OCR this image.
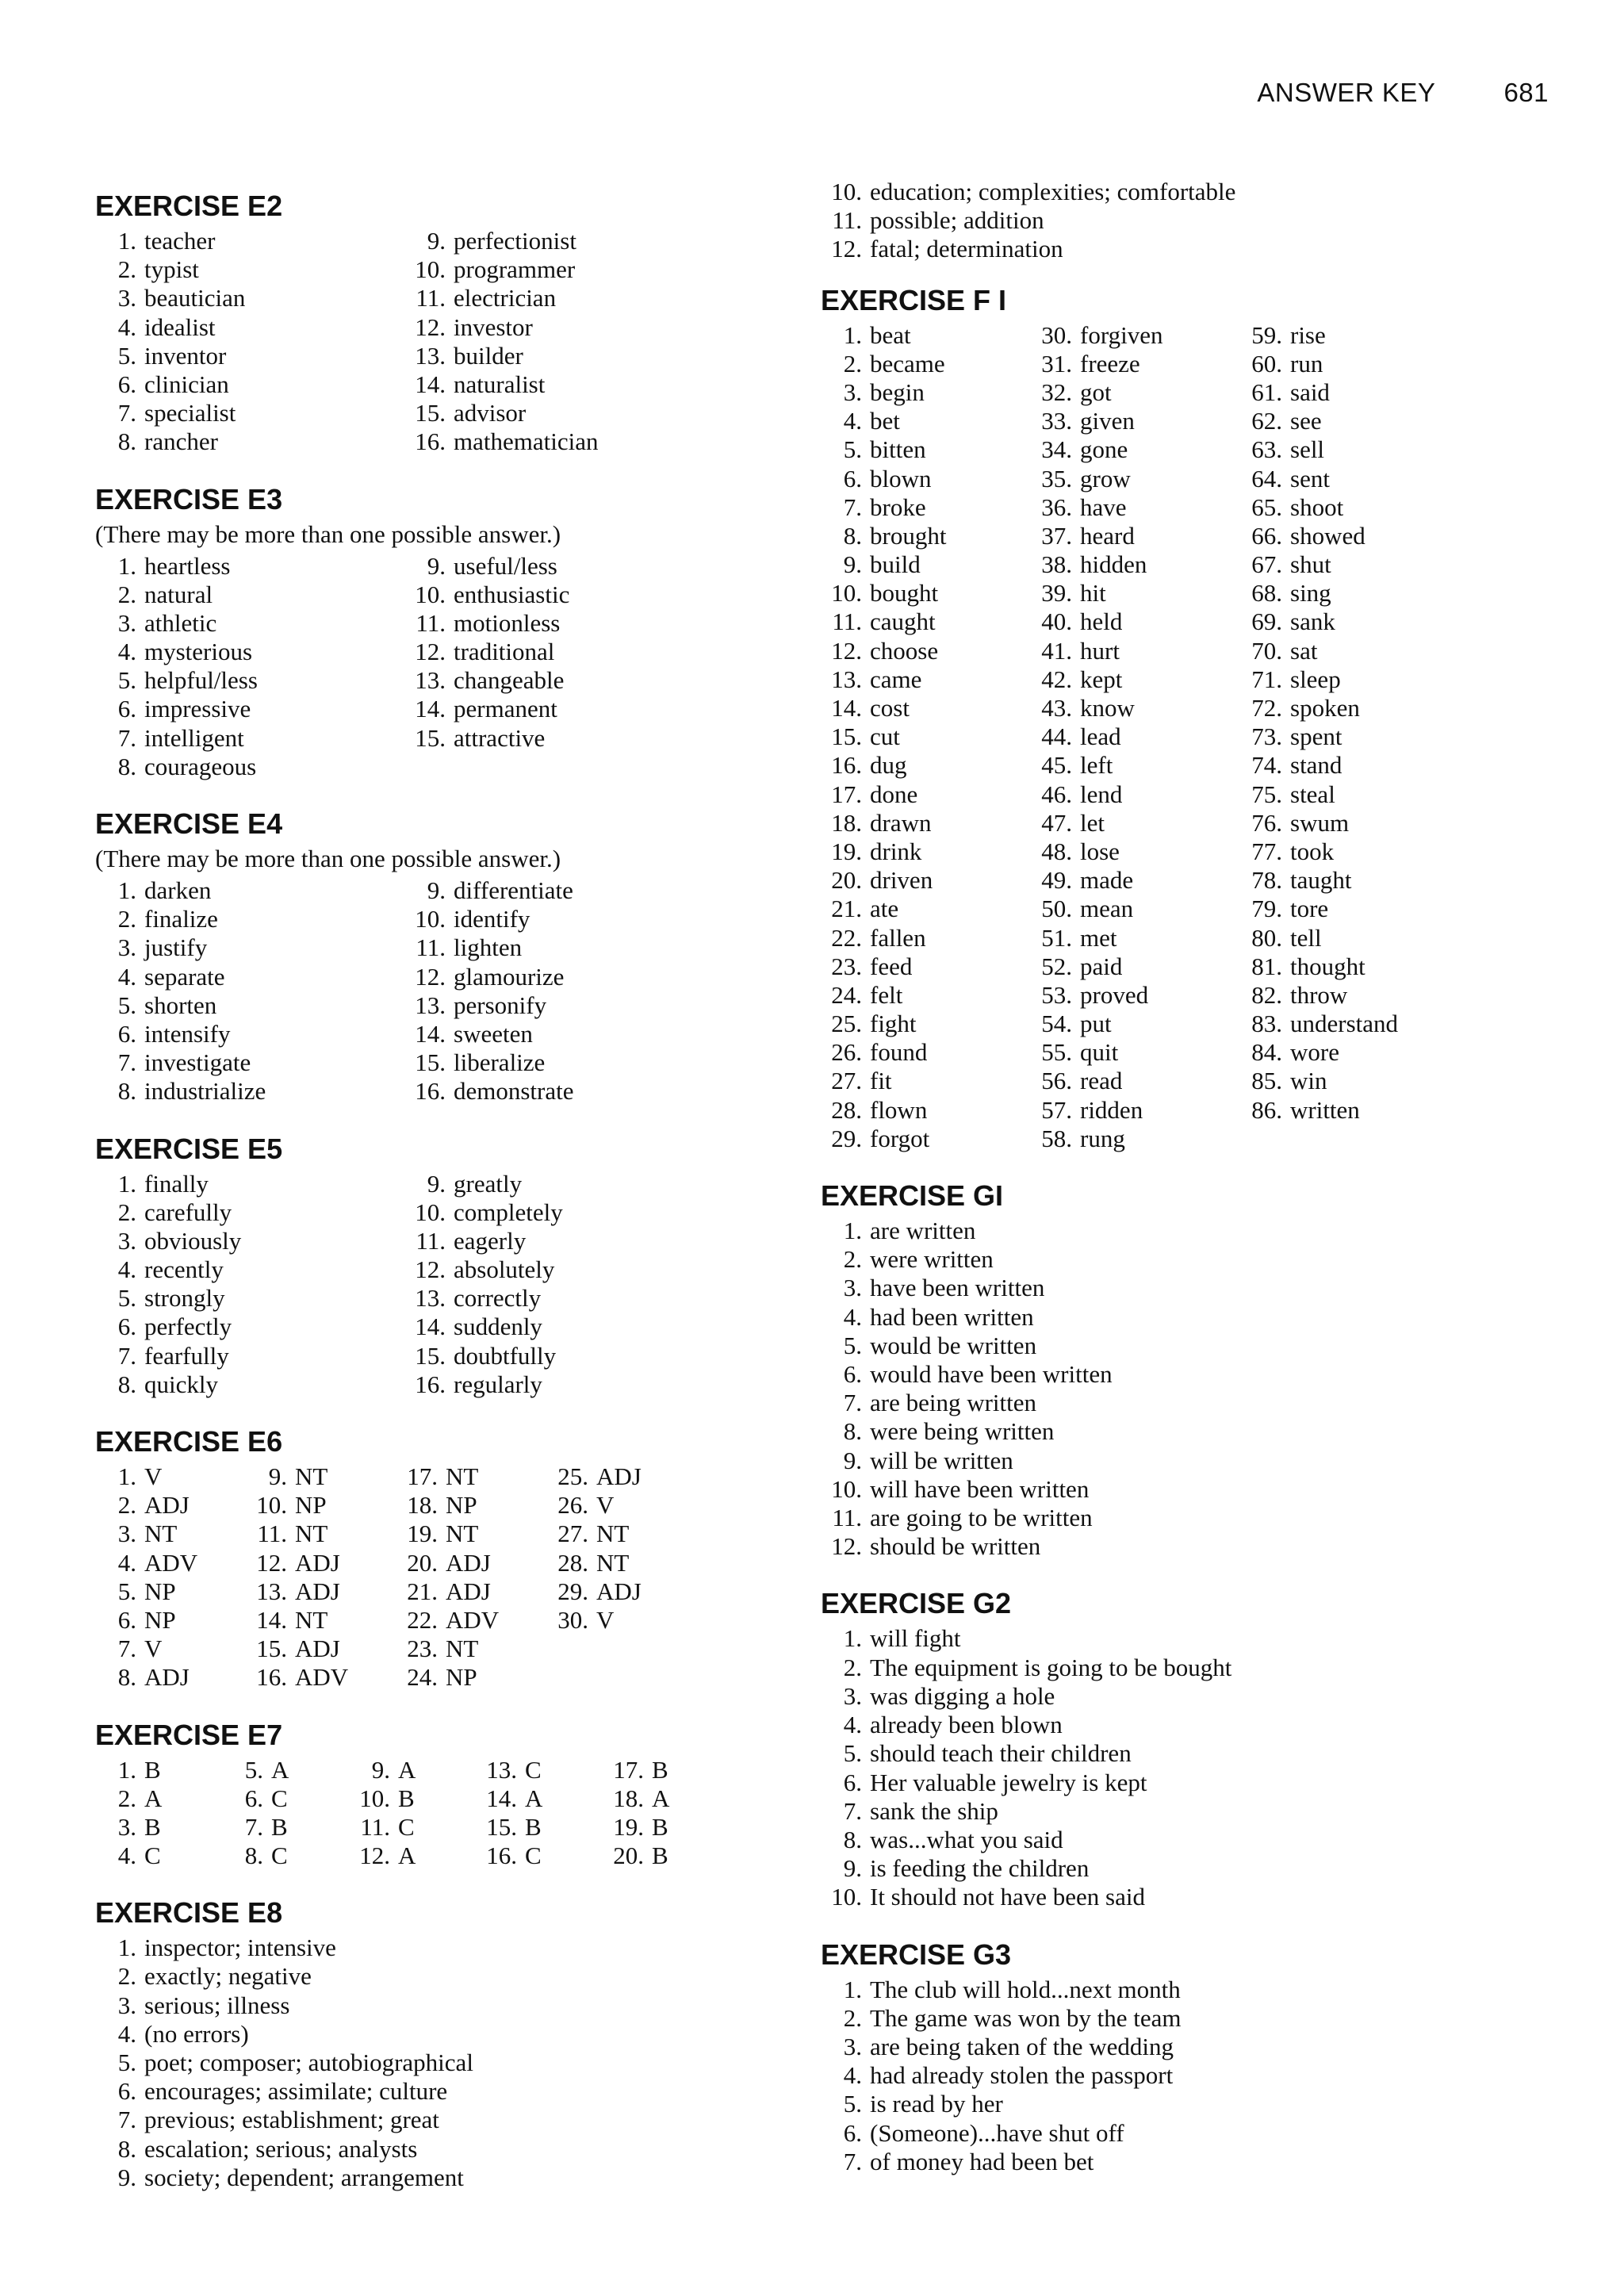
ANSWER KEY	681
EXERCISE E2
1. teacher
2. typist
3. beautician
4. idealist
5. inventor
6. clinician
7. specialist
8. rancher
9. perfectionist
10. programmer
11. electrician
12. investor
13. builder
14. naturalist
15. advisor
16. mathematician
EXERCISE E3

(There may be more than one possible answer.)

1. heartless
2. natural
3. athletic
4. mysterious
5. helpful/less
6. impressive
7. intelligent
8. courageous
9. useful/less
10. enthusiastic
11. motionless
12. traditional
13. changeable
14. permanent
15. attractive
EXERCISE E4

(There may be more than one possible answer.)

1. darken
2. finalize
3. justify
4. separate
5. shorten
6. intensify
7. investigate
8. industrialize
9. differentiate
10. identify
11. lighten
12. glamourize
13. personify
14. sweeten
15. liberalize
16. demonstrate
EXERCISE E5
1. finally
2. carefully
3. obviously
4. recently
5. strongly
6. perfectly
7. fearfully
8. quickly
9. greatly
10. completely
11. eagerly
12. absolutely
13. correctly
14. suddenly
15. doubtfully
16. regularly
EXERCISE E6
1. V
2. ADJ
3. NT
4. ADV
5. NP
6. NP
7. V
8. ADJ
9. NT
10. NP
11. NT
12. ADJ
13. ADJ
14. NT
15. ADJ
16. ADV
17. NT
18. NP
19. NT
20. ADJ
21. ADJ
22. ADV
23. NT
24. NP
25. ADJ
26. V
27. NT
28. NT
29. ADJ
30. V
EXERCISE E7
1. B
2. A
3. B
4. C
5. A
6. C
7. B
8. C
9. A
10. B
11. C
12. A
13. C
14. A
15. B
16. C
17. B
18. A
19. B
20. B
EXERCISE E8
1. inspector; intensive
2. exactly; negative
3. serious; illness
4. (no errors)
5. poet; composer; autobiographical
6. encourages; assimilate; culture
7. previous; establishment; great
8. escalation; serious; analysts
9. society; dependent; arrangement
10. education; complexities; comfortable
11. possible; addition
12. fatal; determination
EXERCISE F I
1. beat
2. became
3. begin
4. bet
5. bitten
6. blown
7. broke
8. brought
9. build
10. bought
11. caught
12. choose
13. came
14. cost
15. cut
16. dug
17. done
18. drawn
19. drink
20. driven
21. ate
22. fallen
23. feed
24. felt
25. fight
26. found
27. fit
28. flown
29. forgot
30. forgiven
31. freeze
32. got
33. given
34. gone
35. grow
36. have
37. heard
38. hidden
39. hit
40. held
41. hurt
42. kept
43. know
44. lead
45. left
46. lend
47. let
48. lose
49. made
50. mean
51. met
52. paid
53. proved
54. put
55. quit
56. read
57. ridden
58. rung
59. rise
60. run
61. said
62. see
63. sell
64. sent
65. shoot
66. showed
67. shut
68. sing
69. sank
70. sat
71. sleep
72. spoken
73. spent
74. stand
75. steal
76. swum
77. took
78. taught
79. tore
80. tell
81. thought
82. throw
83. understand
84. wore
85. win
86. written
EXERCISE GI
1. are written
2. were written
3. have been written
4. had been written
5. would be written
6. would have been written
7. are being written
8. were being written
9. will be written
10. will have been written
11. are going to be written
12. should be written
EXERCISE G2
1. will fight
2. The equipment is going to be bought
3. was digging a hole
4. already been blown
5. should teach their children
6. Her valuable jewelry is kept
7. sank the ship
8. was...what you said
9. is feeding the children
10. It should not have been said
EXERCISE G3
1. The club will hold...next month
2. The game was won by the team
3. are being taken of the wedding
4. had already stolen the passport
5. is read by her
6. (Someone)...have shut off
7. of money had been bet
